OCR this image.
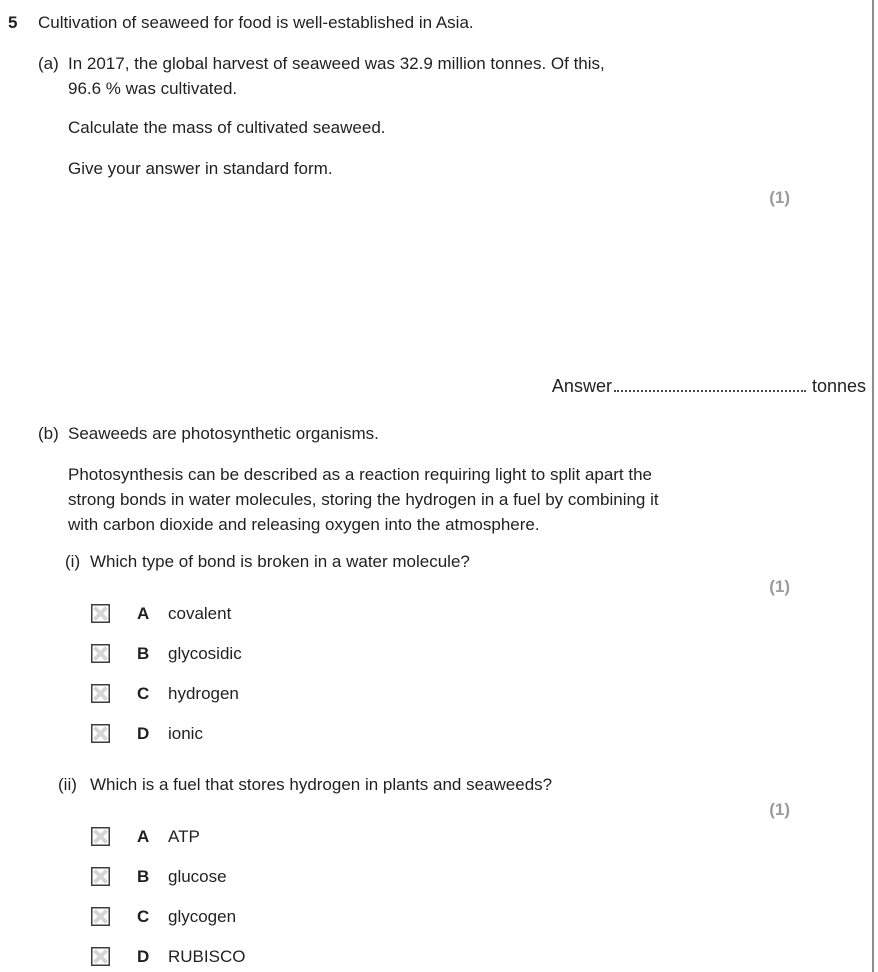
5	Cultivation of seaweed for food is well-established in Asia.
(a) In 2017, the global harvest of seaweed was 32.9 million tonnes. Of this,
96.6 % was cultivated.
Calculate the mass of cultivated seaweed.
Give your answer in standard form.
(1)
Answer	tonnes
(b) Seaweeds are photosynthetic organisms.
Photosynthesis can be described as a reaction requiring light to split apart the
strong bonds in water molecules, storing the hydrogen in a fuel by combining it
with carbon dioxide and releasing oxygen into the atmosphere.
(i) Which type of bond is broken in a water molecule?
(1)
A	covalent
B	glycosidic
C	hydrogen
D	ionic
(ii) Which is a fuel that stores hydrogen in plants and seaweeds?
(1)
A	ATP
B	glucose
C	glycogen
D	RUBISCO
